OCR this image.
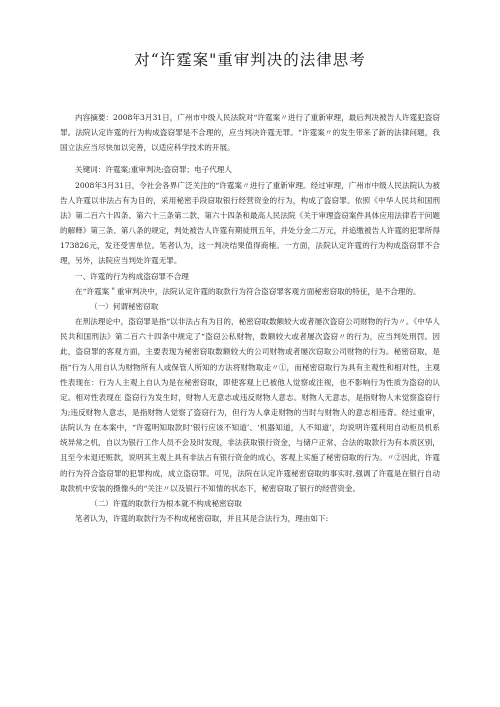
对“许霆案"重审判决的法律思考

内容摘要：2008年3月31日，广州市中级人民法院对“许霆案〃进行了重新审理，最后判决被告人许霆犯盗窃罪。法院认定许霆的行为构成盗窃罪是不合理的，应当判决许霆无罪。“许霆案〃的发生带来了新的法律问题，我国立法应当尽快加以完善，以适应科学技术的开展。

关键词：许霆案;重审判决;盗窃罪；电子代理人

2008年3月31日，令社会各界广泛关注的“许霆案〃进行了重新审理。经过审理，广州市中级人民法院认为被告人许霆以非法占有为目的，采用秘密手段窃取银行经营资金的行为，构成了盗窃罪。依照《中华人民共和国刑法》第二百六十四条、第六十三条第二款、第六十四条和最高人民法院《关于审理盗窃案件具体应用法律若干问题的解释》第三条、第八条的规定，判处被告人许霆有期徒刑五年，并处分金二万元，并追缴被告人许霆的犯罪所得173826元，发还受害单位。笔者认为，这一判决结果值得商榷。一方面，法院认定许霆的行为构成盗窃罪不合理，另外，法院应当判处许霆无罪。

一、许霆的行为构成盗窃罪不合理

在“许霆案＂重审判决中，法院认定许霆的取款行为符合盗窃罪客观方面秘密窃取的特征，是不合理的。

（一）何谓秘密窃取

在刑法理论中，盗窃罪是指“以非法占有为目的，秘密窃取数额较大或者屡次盗窃公司财物的行为〃。《中华人民共和国刑法》第二百六十四条中规定了“盗窃公私财物，数额较大或者屡次盗窃〃的行为，应当判处刑罚。因此，盗窃罪的客观方面，主要表现为秘密窃取数额较大的公司财物或者屡次窃取公司财物的行为。秘密窃取，是指“行为人用自认为财物所有人或保管人所知的方法将财物取走〃①，而秘密窃取行为具有主观性和相对性，主观性表现在：行为人主观上自认为是在秘密窃取，即使客观上已被他人觉察或注视，也不影响行为性质为盗窃的认定。相对性表现在 盗窃行为发生时，财物人无意志或违反财物人意志。财物人无意志，是指财物人未觉察盗窃行为;违反财物人意志，是指财物人觉察了盗窃行为，但行为人拿走财物的当时与财物人的意志相违背。经过重审，法院认为 在本案中，“许霆明知取款时‘银行应该不知道’、‘机器知道，人不知道’，均说明许霆利用自动柜员机系统异常之机，自以为银行工作人员不会及时发现，非法获取银行资金，与储户正常、合法的取款行为有本质区别，且至今未退还赃款，说明其主观上具有非法占有银行资金的成心，客观上实施了秘密窃取的行为。〃②因此，许霆的行为符合盗窃罪的犯罪构成，成立盗窃罪。可见，法院在认定许霆秘密窃取的事实时,强调了许霆是在银行自动取款机中安装的摄像头的“关注〃以及银行不知情的状态下，秘密窃取了银行的经营资金。

（二）许霆的取款行为根本就不构成秘密窃取

笔者认为，许霆的取款行为不构成秘密窃取，并且其是合法行为，理由如下:
